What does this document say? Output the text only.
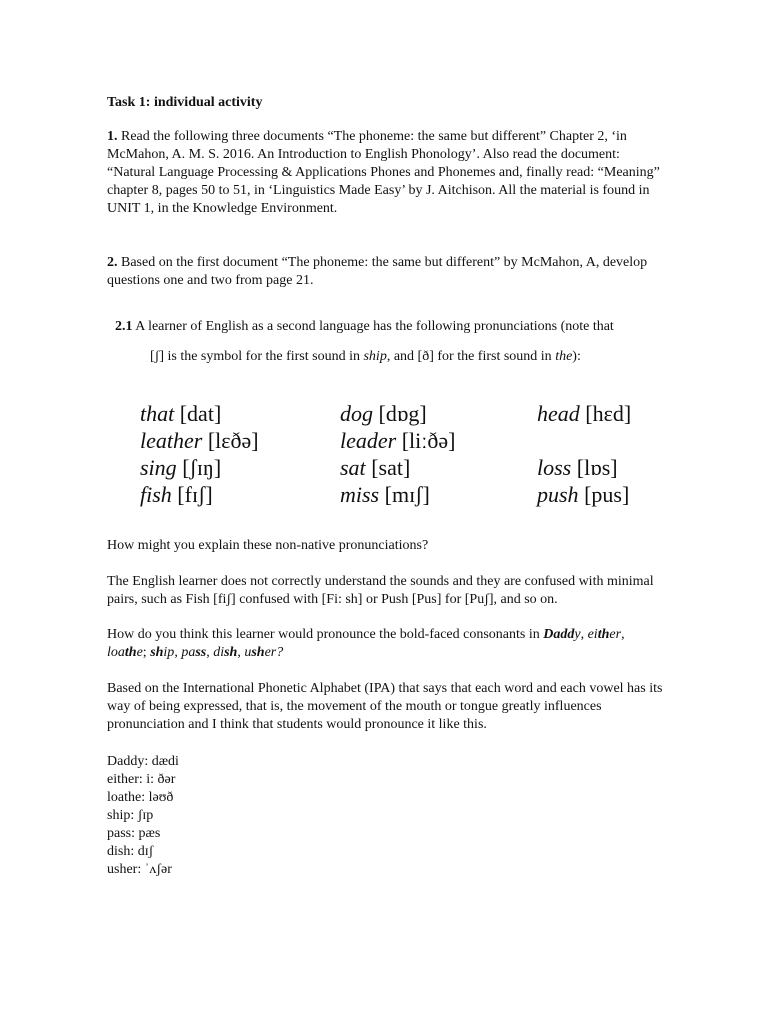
Task 1: individual activity

1. Read the following three documents “The phoneme: the same but different” Chapter 2, ‘in McMahon, A. M. S. 2016. An Introduction to English Phonology’. Also read the document: “Natural Language Processing & Applications Phones and Phonemes and, finally read: “Meaning” chapter 8, pages 50 to 51, in ‘Linguistics Made Easy’ by J. Aitchison. All the material is found in UNIT 1, in the Knowledge Environment.

2. Based on the first document “The phoneme: the same but different” by McMahon, A, develop questions one and two from page 21.

2.1 A learner of English as a second language has the following pronunciations (note that

[ʃ] is the symbol for the first sound in ship, and [ð] for the first sound in the):

that [dat]	dog [dɒg]	head [hɛd]
leather [lɛðə]	leader [liːðə]
sing [ʃɪŋ]	sat [sat]	loss [lɒs]
fish [fɪʃ]	miss [mɪʃ]	push [pus]

How might you explain these non-native pronunciations?

The English learner does not correctly understand the sounds and they are confused with minimal pairs, such as Fish [fiʃ] confused with [Fi: sh] or Push [Pus] for [Puʃ], and so on.

How do you think this learner would pronounce the bold-faced consonants in Daddy, either, loathe; ship, pass, dish, usher?

Based on the International Phonetic Alphabet (IPA) that says that each word and each vowel has its way of being expressed, that is, the movement of the mouth or tongue greatly influences pronunciation and I think that students would pronounce it like this.

Daddy: dædi
either: i: ðər
loathe: ləʊð
ship: ʃɪp
pass: pæs
dish: dɪʃ
usher: ˈʌʃər
